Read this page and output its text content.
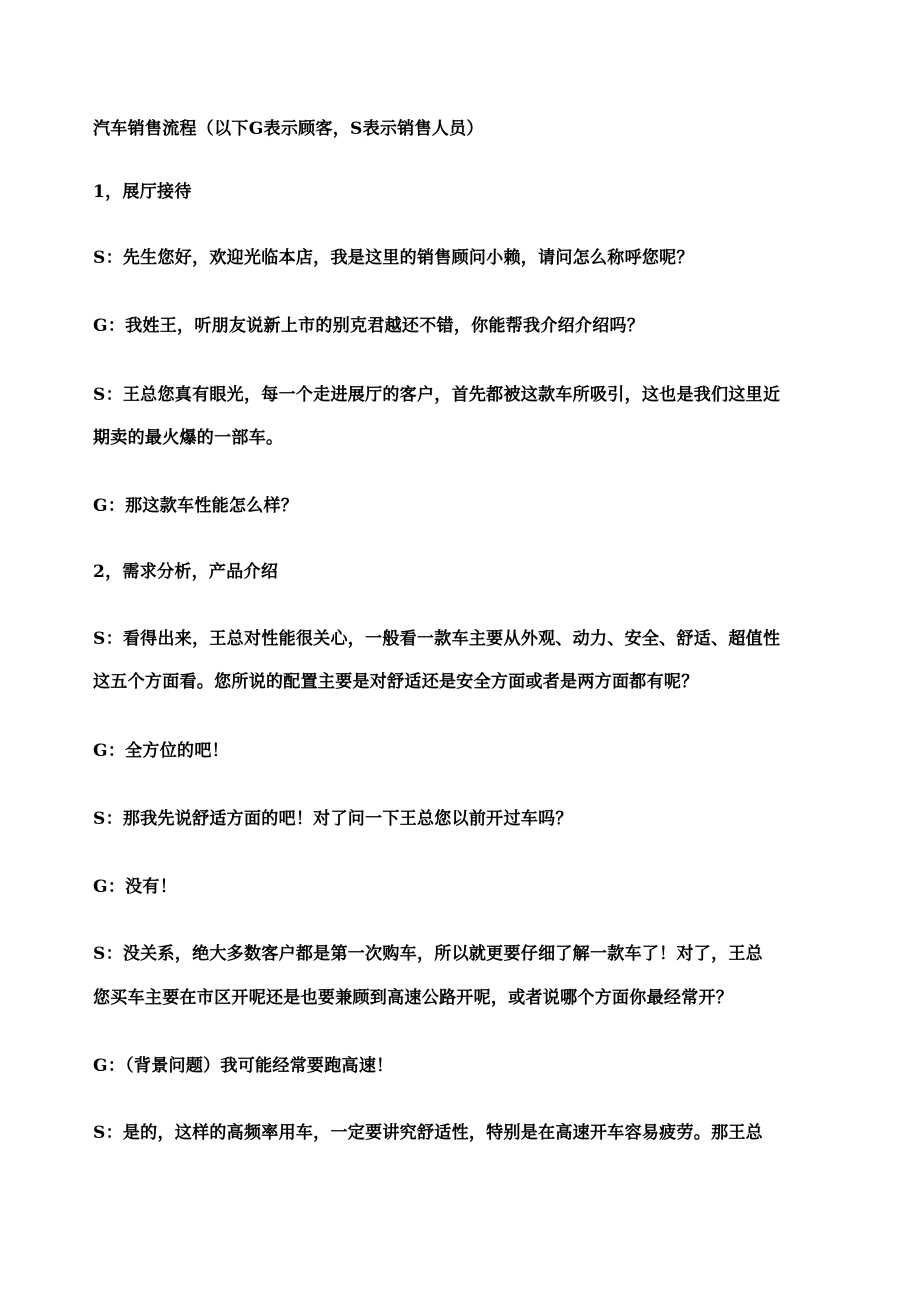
汽车销售流程（以下G表示顾客，S表示销售人员）
1，展厅接待
S：先生您好，欢迎光临本店，我是这里的销售顾问小赖，请问怎么称呼您呢？
G：我姓王，听朋友说新上市的别克君越还不错，你能帮我介绍介绍吗？
S：王总您真有眼光，每一个走进展厅的客户，首先都被这款车所吸引，这也是我们这里近
期卖的最火爆的一部车。
G：那这款车性能怎么样？
2，需求分析，产品介绍
S：看得出来，王总对性能很关心，一般看一款车主要从外观、动力、安全、舒适、超值性
这五个方面看。您所说的配置主要是对舒适还是安全方面或者是两方面都有呢？
G：全方位的吧！
S：那我先说舒适方面的吧！对了问一下王总您以前开过车吗？
G：没有！
S：没关系，绝大多数客户都是第一次购车，所以就更要仔细了解一款车了！对了，王总
您买车主要在市区开呢还是也要兼顾到高速公路开呢，或者说哪个方面你最经常开？
G：（背景问题）我可能经常要跑高速！
S：是的，这样的高频率用车，一定要讲究舒适性，特别是在高速开车容易疲劳。那王总
